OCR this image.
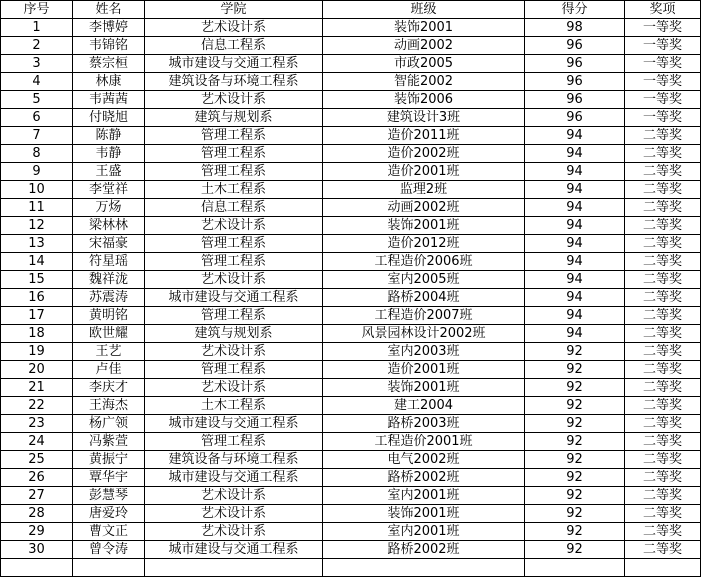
序号	姓名	学院	班级	得分	奖项
1	李博婷	艺术设计系	装饰2001	98	一等奖
2	韦锦铭	信息工程系	动画2002	96	一等奖
3	蔡宗桓	城市建设与交通工程系	市政2005	96	一等奖
4	林康	建筑设备与环境工程系	智能2002	96	一等奖
5	韦茜茜	艺术设计系	装饰2006	96	一等奖
6	付晓旭	建筑与规划系	建筑设计3班	96	一等奖
7	陈静	管理工程系	造价2011班	94	二等奖
8	韦静	管理工程系	造价2002班	94	二等奖
9	王盛	管理工程系	造价2001班	94	二等奖
10	李堂祥	土木工程系	监理2班	94	二等奖
11	万炀	信息工程系	动画2002班	94	二等奖
12	梁林林	艺术设计系	装饰2001班	94	二等奖
13	宋福豪	管理工程系	造价2012班	94	二等奖
14	符星瑶	管理工程系	工程造价2006班	94	二等奖
15	魏祥泷	艺术设计系	室内2005班	94	二等奖
16	苏震涛	城市建设与交通工程系	路桥2004班	94	二等奖
17	黄明铭	管理工程系	工程造价2007班	94	二等奖
18	欧世耀	建筑与规划系	风景园林设计2002班	94	二等奖
19	王艺	艺术设计系	室内2003班	92	二等奖
20	卢佳	管理工程系	造价2001班	92	二等奖
21	李庆才	艺术设计系	装饰2001班	92	二等奖
22	王海杰	土木工程系	建工2004	92	二等奖
23	杨广领	城市建设与交通工程系	路桥2003班	92	二等奖
24	冯紫萱	管理工程系	工程造价2001班	92	二等奖
25	黄振宁	建筑设备与环境工程系	电气2002班	92	二等奖
26	覃华宇	城市建设与交通工程系	路桥2002班	92	二等奖
27	彭慧琴	艺术设计系	室内2001班	92	二等奖
28	唐爱玲	艺术设计系	装饰2001班	92	二等奖
29	曹文正	艺术设计系	室内2001班	92	二等奖
30	曾令涛	城市建设与交通工程系	路桥2002班	92	二等奖
